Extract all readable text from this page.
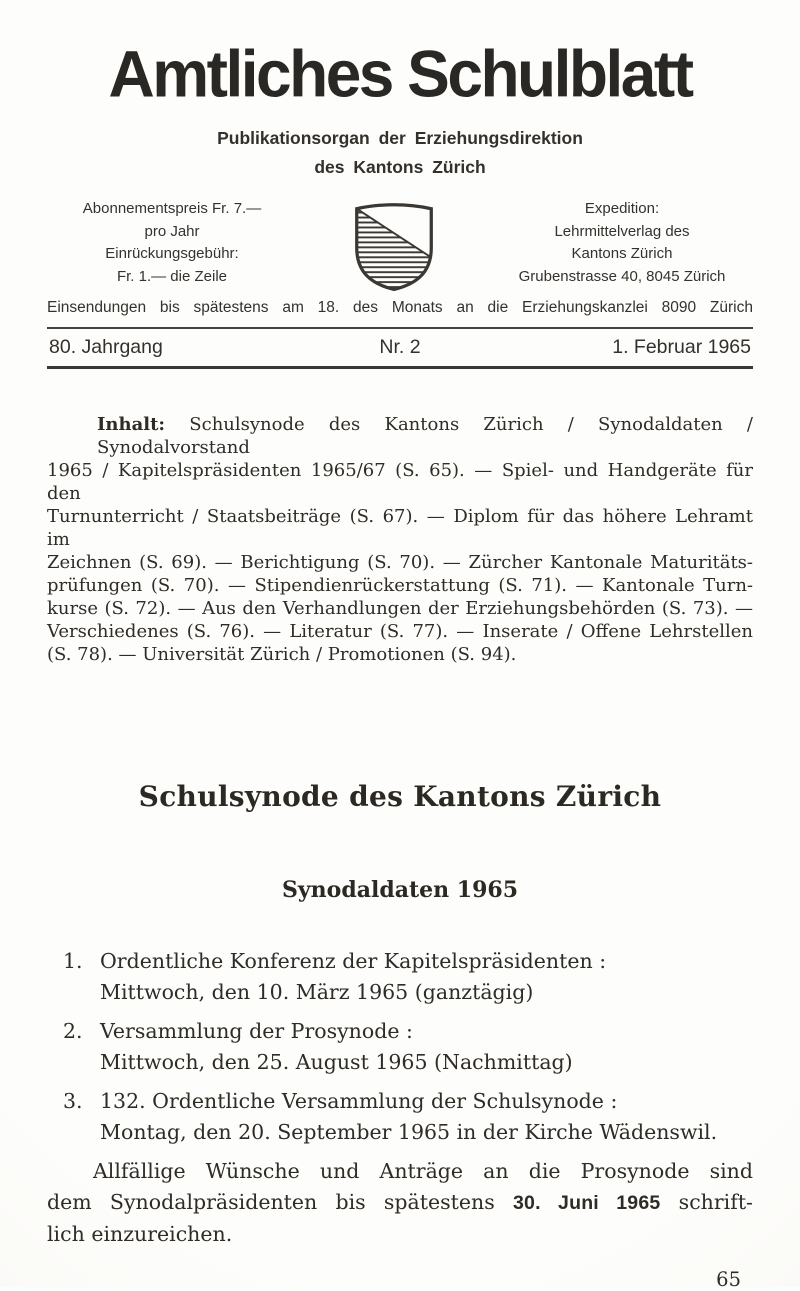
Amtliches Schulblatt
Publikationsorgan der Erziehungsdirektion
des Kantons Zürich
Abonnementspreis Fr. 7.—
pro Jahr
Einrückungsgebühr:
Fr. 1.— die Zeile
Expedition:
Lehrmittelverlag des
Kantons Zürich
Grubenstrasse 40, 8045 Zürich
Einsendungen bis spätestens am 18. des Monats an die Erziehungskanzlei 8090 Zürich
80. Jahrgang	Nr. 2	1. Februar 1965
Inhalt: Schulsynode des Kantons Zürich / Synodaldaten / Synodalvorstand
1965 / Kapitelspräsidenten 1965/67 (S. 65). — Spiel- und Handgeräte für den
Turnunterricht / Staatsbeiträge (S. 67). — Diplom für das höhere Lehramt im
Zeichnen (S. 69). — Berichtigung (S. 70). — Zürcher Kantonale Maturitäts-
prüfungen (S. 70). — Stipendienrückerstattung (S. 71). — Kantonale Turn-
kurse (S. 72). — Aus den Verhandlungen der Erziehungsbehörden (S. 73). —
Verschiedenes (S. 76). — Literatur (S. 77). — Inserate / Offene Lehrstellen
(S. 78). — Universität Zürich / Promotionen (S. 94).
Schulsynode des Kantons Zürich
Synodaldaten 1965
1. Ordentliche Konferenz der Kapitelspräsidenten :
Mittwoch, den 10. März 1965 (ganztägig)
2. Versammlung der Prosynode :
Mittwoch, den 25. August 1965 (Nachmittag)
3. 132. Ordentliche Versammlung der Schulsynode :
Montag, den 20. September 1965 in der Kirche Wädenswil.
Allfällige Wünsche und Anträge an die Prosynode sind
dem Synodalpräsidenten bis spätestens 30. Juni 1965 schrift-
lich einzureichen.
65
